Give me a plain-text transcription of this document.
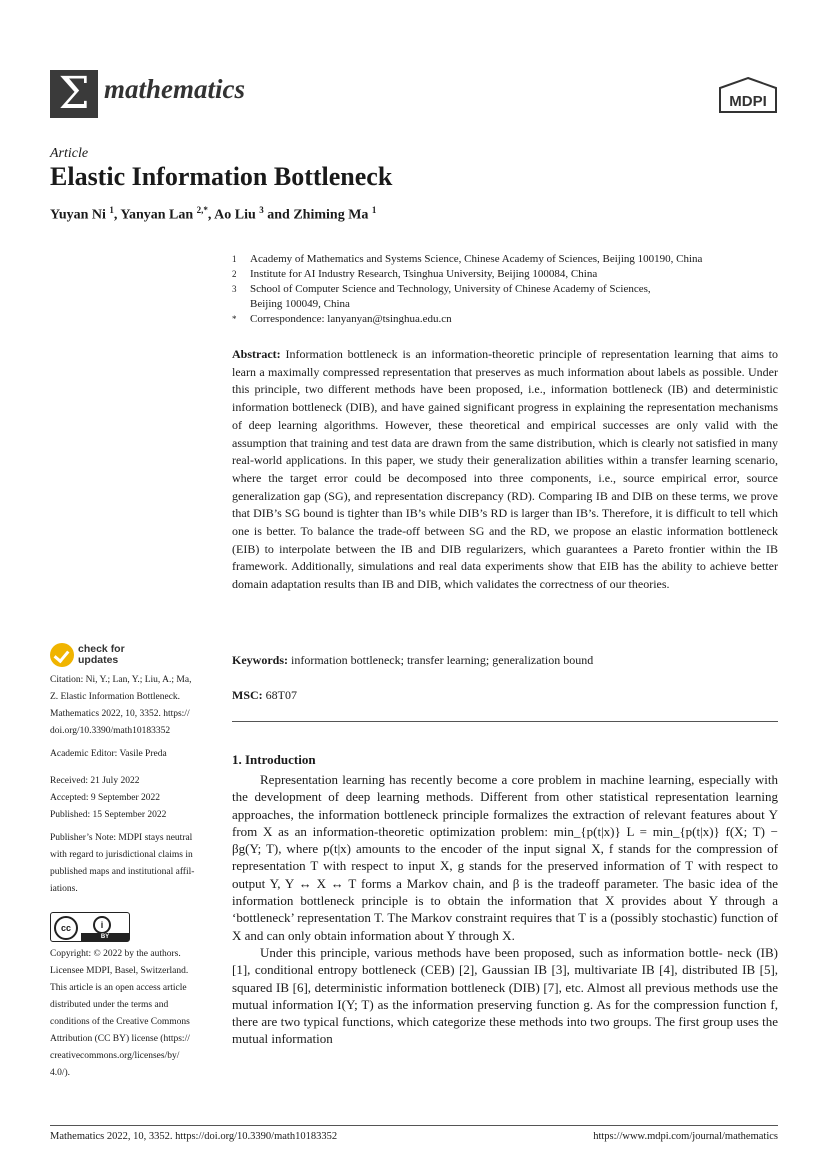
Σ mathematics	MDPI
Article
Elastic Information Bottleneck
Yuyan Ni $^1$, Yanyan Lan $^{2,*}$, Ao Liu $^3$ and Zhiming Ma $^1$
1	Academy of Mathematics and Systems Science, Chinese Academy of Sciences, Beijing 100190, China
2	Institute for AI Industry Research, Tsinghua University, Beijing 100084, China
3	School of Computer Science and Technology, University of Chinese Academy of Sciences,
Beijing 100049, China
*	Correspondence: lanyanyan@tsinghua.edu.cn
Abstract: Information bottleneck is an information-theoretic principle of representation learning that aims to learn a maximally compressed representation that preserves as much information about labels as possible. Under this principle, two different methods have been proposed, i.e., information bottleneck (IB) and deterministic information bottleneck (DIB), and have gained significant progress in explaining the representation mechanisms of deep learning algorithms. However, these theoretical and empirical successes are only valid with the assumption that training and test data are drawn from the same distribution, which is clearly not satisfied in many real-world applications. In this paper, we study their generalization abilities within a transfer learning scenario, where the target error could be decomposed into three components, i.e., source empirical error, source generalization gap (SG), and representation discrepancy (RD). Comparing IB and DIB on these terms, we prove that DIB’s SG bound is tighter than IB’s while DIB’s RD is larger than IB’s. Therefore, it is difficult to tell which one is better. To balance the trade-off between SG and the RD, we propose an elastic information bottleneck (EIB) to interpolate between the IB and DIB regularizers, which guarantees a Pareto frontier within the IB framework. Additionally, simulations and real data experiments show that EIB has the ability to achieve better domain adaptation results than IB and DIB, which validates the correctness of our theories.
Keywords: information bottleneck; transfer learning; generalization bound
MSC: 68T07
1. Introduction

Representation learning has recently become a core problem in machine learning, especially with the development of deep learning methods. Different from other statistical representation learning approaches, the information bottleneck principle formalizes the extraction of relevant features about Y from X as an information-theoretic optimization problem: min_{p(t|x)} L = min_{p(t|x)} f(X; T) − βg(Y; T), where p(t|x) amounts to the encoder of the input signal X, f stands for the compression of representation T with respect to input X, g stands for the preserved information of T with respect to output Y, Y ↔ X ↔ T forms a Markov chain, and β is the tradeoff parameter. The basic idea of the information bottleneck principle is to obtain the information that X provides about Y through a ‘bottleneck’ representation T. The Markov constraint requires that T is a (possibly stochastic) function of X and can only obtain information about Y through X.

Under this principle, various methods have been proposed, such as information bottle- neck (IB) [1], conditional entropy bottleneck (CEB) [2], Gaussian IB [3], multivariate IB [4], distributed IB [5], squared IB [6], deterministic information bottleneck (DIB) [7], etc. Almost all previous methods use the mutual information I(Y; T) as the information preserving function g. As for the compression function f, there are two typical functions, which categorize these methods into two groups. The first group uses the mutual information

check for
updates
Citation: Ni, Y.; Lan, Y.; Liu, A.; Ma,
Z. Elastic Information Bottleneck.
Mathematics 2022, 10, 3352. https://
doi.org/10.3390/math10183352
Academic Editor: Vasile Preda
Received: 21 July 2022
Accepted: 9 September 2022
Published: 15 September 2022
Publisher’s Note: MDPI stays neutral
with regard to jurisdictional claims in
published maps and institutional affil-
iations.
cc	i
BY
Copyright: © 2022 by the authors.
Licensee MDPI, Basel, Switzerland.
This article is an open access article
distributed under the terms and
conditions of the Creative Commons
Attribution (CC BY) license (https://
creativecommons.org/licenses/by/
4.0/).
Mathematics 2022, 10, 3352. https://doi.org/10.3390/math10183352	https://www.mdpi.com/journal/mathematics
